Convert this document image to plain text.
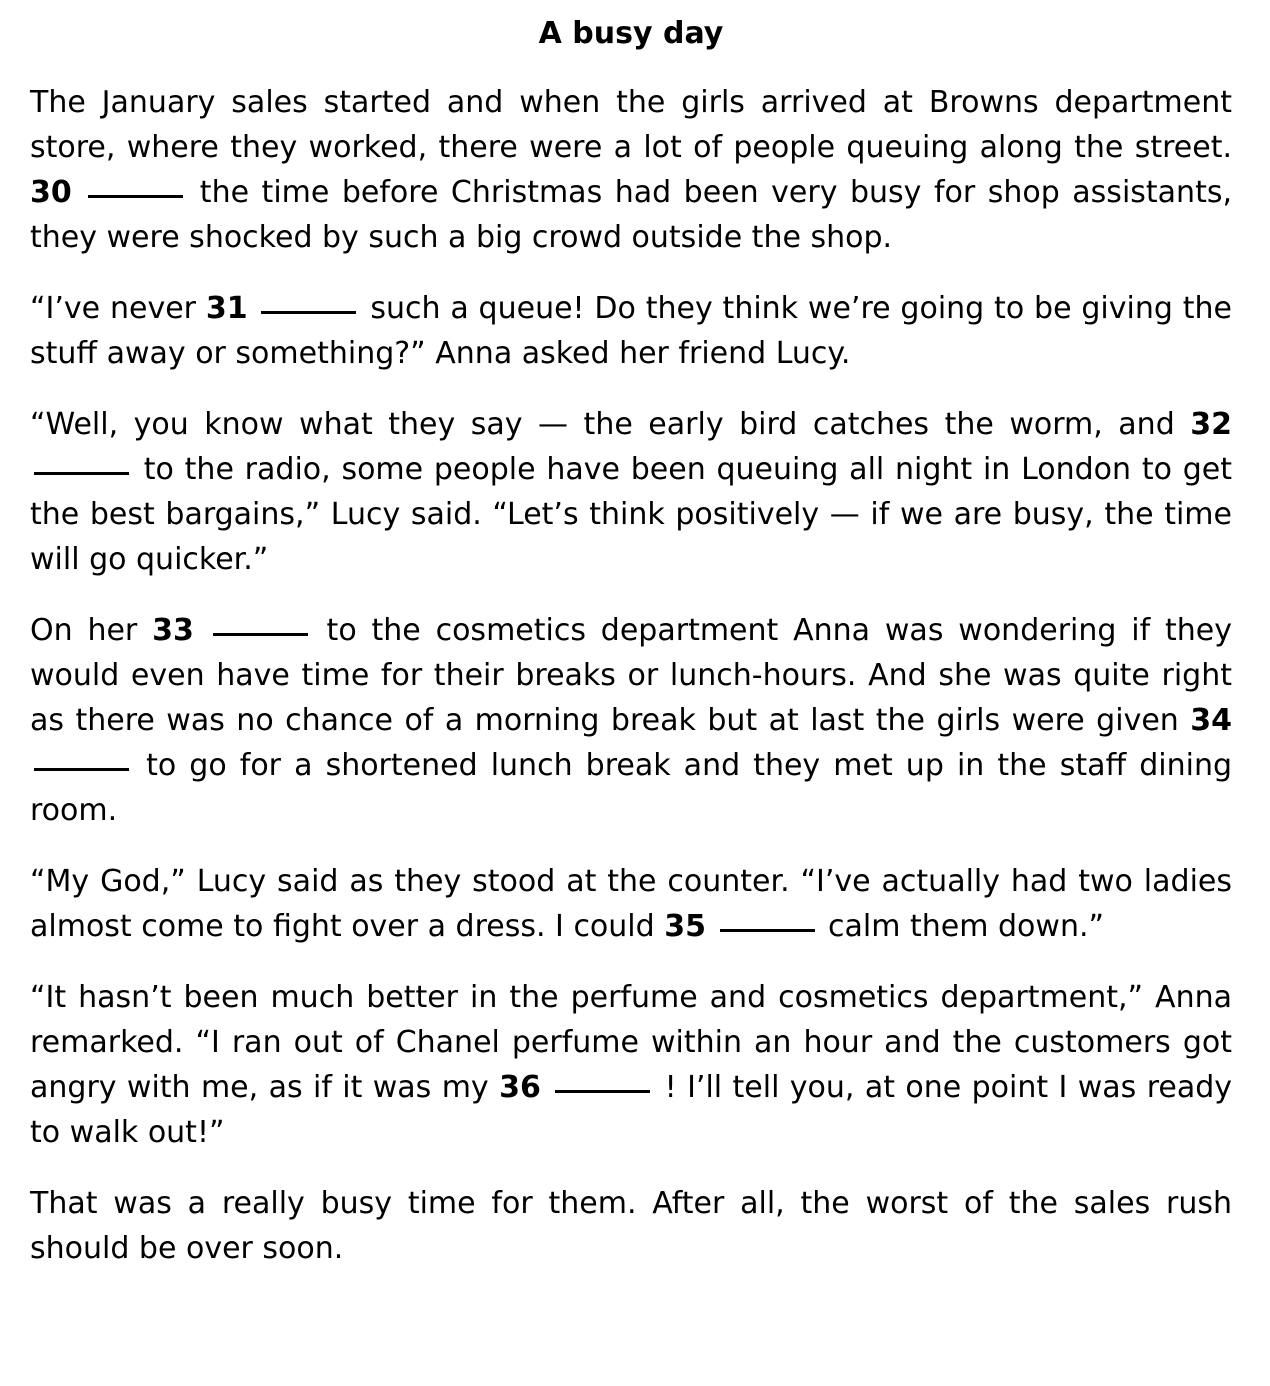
A busy day

The January sales started and when the girls arrived at Browns department store, where they worked, there were a lot of people queuing along the street. 30	the time before Christmas had been very busy for shop assistants, they were shocked by such a big crowd outside the shop.

“I’ve never 31	such a queue! Do they think we’re going to be giving the stuff away or something?” Anna asked her friend Lucy.

“Well, you know what they say — the early bird catches the worm, and 32  to the radio, some people have been queuing all night in London to get the best bargains,” Lucy said. “Let’s think positively — if we are busy, the time will go quicker.”

On her 33	to the cosmetics department Anna was wondering if they would even have time for their breaks or lunch-hours. And she was quite right as there was no chance of a morning break but at last the girls were given 34  to go for a shortened lunch break and they met up in the staff dining room.

“My God,” Lucy said as they stood at the counter. “I’ve actually had two ladies almost come to fight over a dress. I could 35	calm them down.”

“It hasn’t been much better in the perfume and cosmetics department,” Anna remarked. “I ran out of Chanel perfume within an hour and the customers got angry with me, as if it was my 36	! I’ll tell you, at one point I was ready to walk out!”

That was a really busy time for them. After all, the worst of the sales rush should be over soon.
